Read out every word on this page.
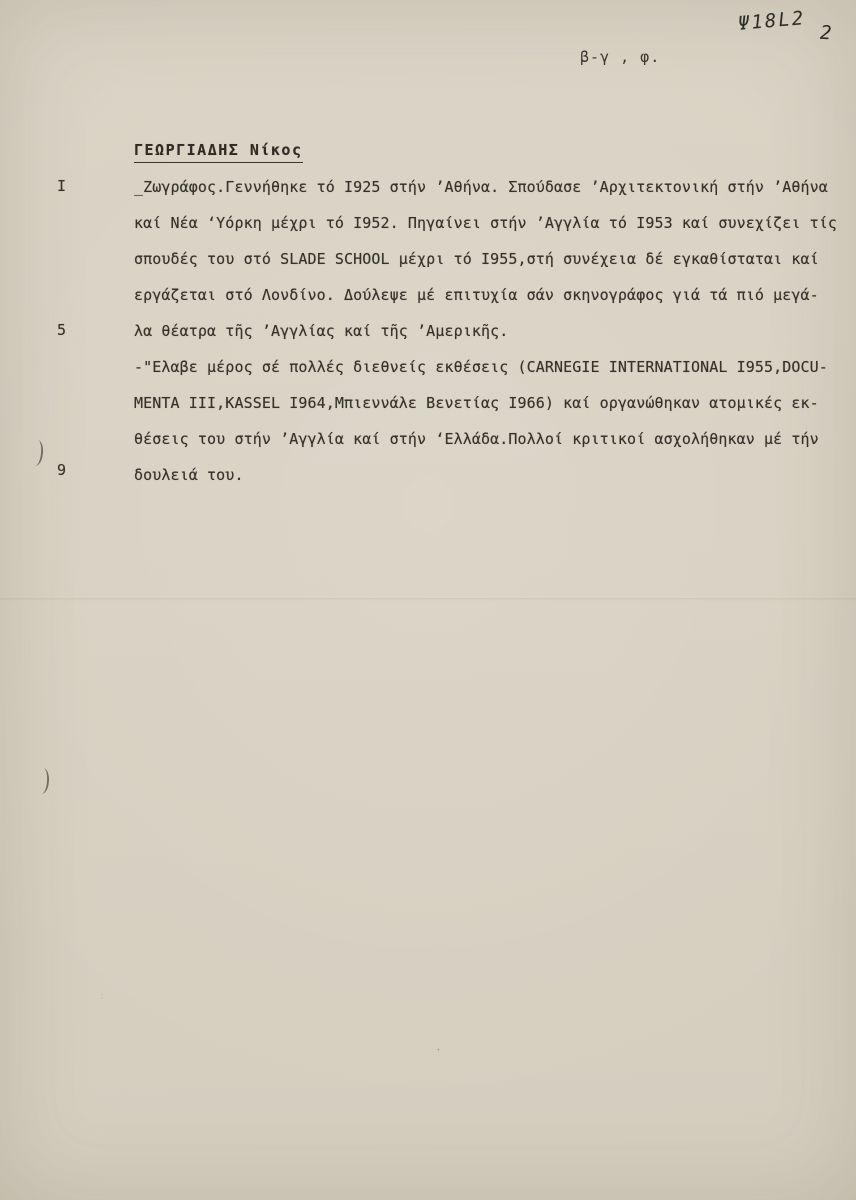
β-γ , φ.
Ψ18L2 2
ΓΕΩΡΓΙΑΔΗΣ Νίκος
I
5
9
_Ζωγράφος.Γεννήθηκε τό Ι925 στήν ’Αθήνα. Σπούδασε ’Αρχιτεκτονική στήν ’Αθήνα
καί Νέα ‘Υόρκη μέχρι τό Ι952. Πηγαίνει στήν ’Αγγλία τό Ι953 καί συνεχίζει τίς
σπουδές του στό SLADE SCHOOL μέχρι τό Ι955,στή συνέχεια δέ εγκαθίσταται καί
εργάζεται στό Λονδίνο. Δούλεψε μέ επιτυχία σάν σκηνογράφος γιά τά πιό μεγά-
λα θέατρα τῆς ’Αγγλίας καί τῆς ’Αμερικῆς.
-"Ελαβε μέρος σέ πολλές διεθνείς εκθέσεις (CARNEGIE INTERNATIONAL Ι955,DOCU-
MENTA III,KASSEL Ι964,Μπιεννάλε Βενετίας Ι966) καί οργανώθηκαν ατομικές εκ-
θέσεις του στήν ’Αγγλία καί στήν ‘Ελλάδα.Πολλοί κριτικοί ασχολήθηκαν μέ τήν
δουλειά του.
﹕
﹢
